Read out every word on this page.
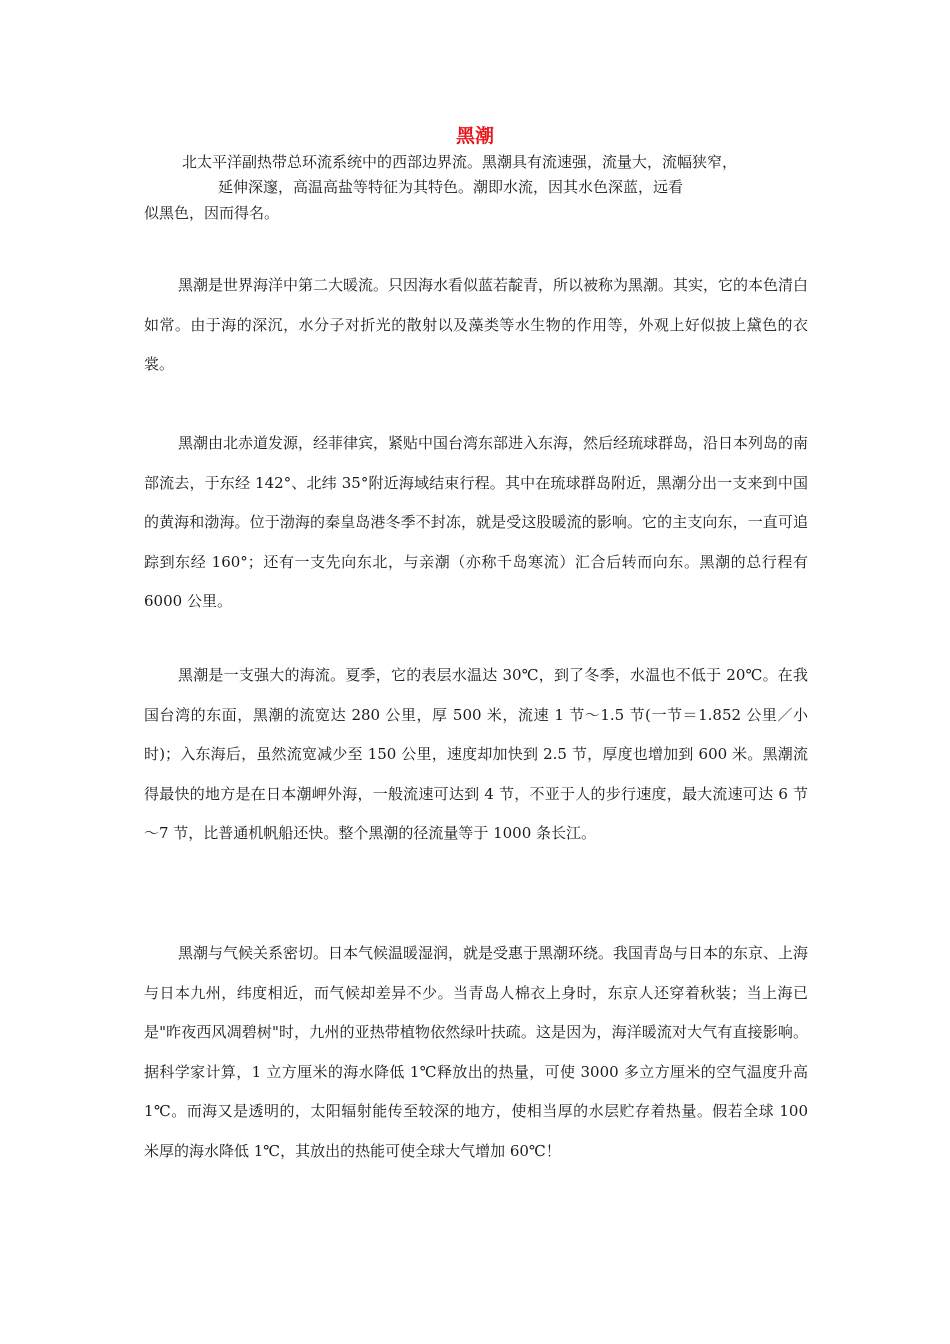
黑潮
北太平洋副热带总环流系统中的西部边界流。黑潮具有流速强，流量大，流幅狭窄，
延伸深邃，高温高盐等特征为其特色。潮即水流，因其水色深蓝，远看
似黑色，因而得名。

黑潮是世界海洋中第二大暖流。只因海水看似蓝若靛青，所以被称为黑潮。其实，它的本色清白如常。由于海的深沉，水分子对折光的散射以及藻类等水生物的作用等，外观上好似披上黛色的衣裳。

黑潮由北赤道发源，经菲律宾，紧贴中国台湾东部进入东海，然后经琉球群岛，沿日本列岛的南部流去，于东经 142°、北纬 35°附近海域结束行程。其中在琉球群岛附近，黑潮分出一支来到中国的黄海和渤海。位于渤海的秦皇岛港冬季不封冻，就是受这股暖流的影响。它的主支向东，一直可追踪到东经 160°；还有一支先向东北，与亲潮（亦称千岛寒流）汇合后转而向东。黑潮的总行程有 6000 公里。

黑潮是一支强大的海流。夏季，它的表层水温达 30℃，到了冬季，水温也不低于 20℃。在我国台湾的东面，黑潮的流宽达 280 公里，厚 500 米，流速 1 节～1.5 节(一节＝1.852 公里／小时)；入东海后，虽然流宽减少至 150 公里，速度却加快到 2.5 节，厚度也增加到 600 米。黑潮流得最快的地方是在日本潮岬外海，一般流速可达到 4 节，不亚于人的步行速度，最大流速可达 6 节～7 节，比普通机帆船还快。整个黑潮的径流量等于 1000 条长江。

黑潮与气候关系密切。日本气候温暖湿润，就是受惠于黑潮环绕。我国青岛与日本的东京、上海与日本九州，纬度相近，而气候却差异不少。当青岛人棉衣上身时，东京人还穿着秋装；当上海已是"昨夜西风凋碧树"时，九州的亚热带植物依然绿叶扶疏。这是因为，海洋暖流对大气有直接影响。据科学家计算，1 立方厘米的海水降低 1℃释放出的热量，可使 3000 多立方厘米的空气温度升高 1℃。而海又是透明的，太阳辐射能传至较深的地方，使相当厚的水层贮存着热量。假若全球 100 米厚的海水降低 1℃，其放出的热能可使全球大气增加 60℃！
